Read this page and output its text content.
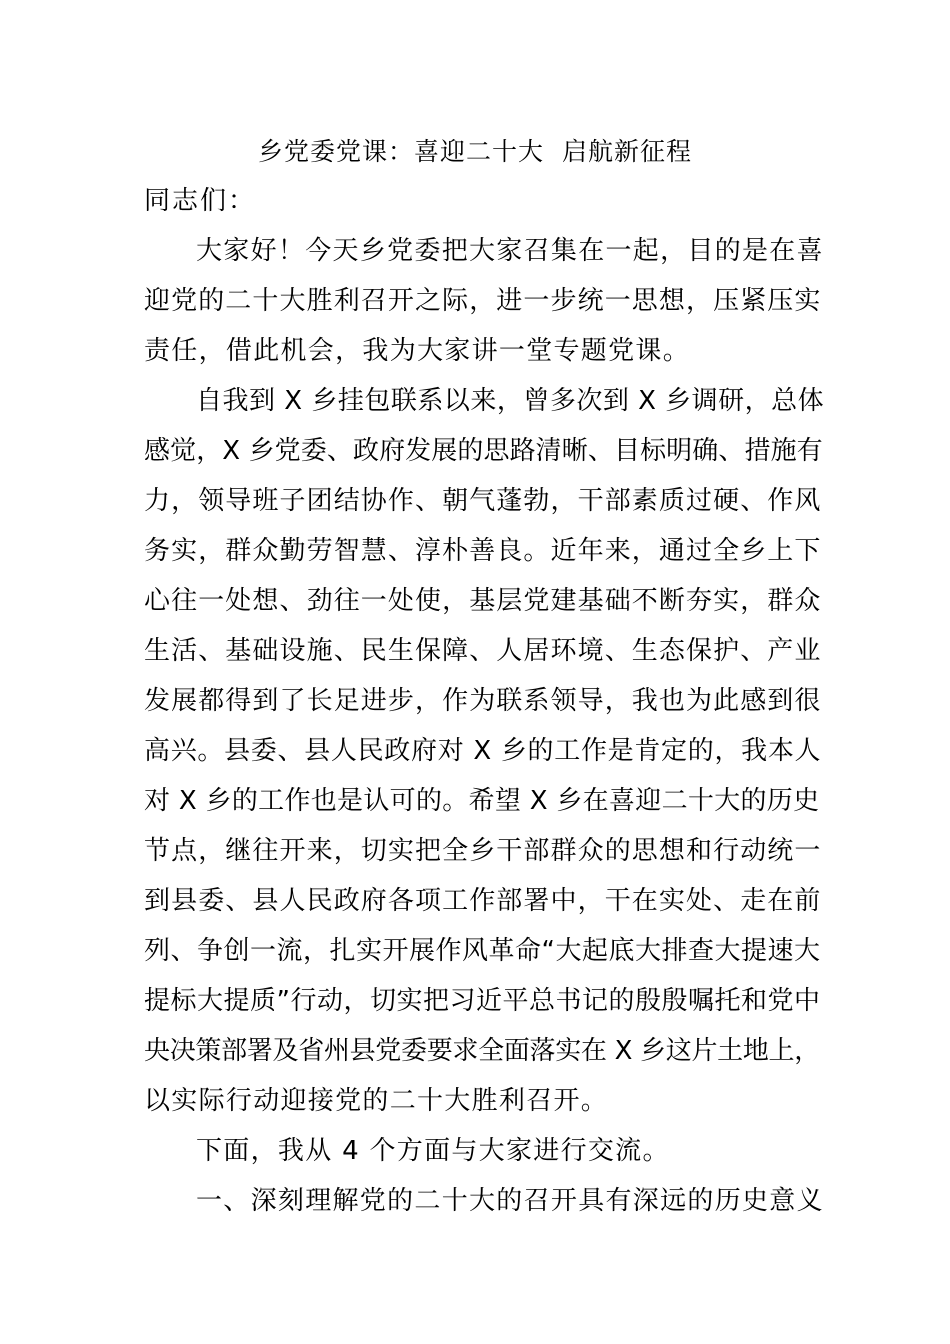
乡党委党课：喜迎二十大  启航新征程
同志们：
大家好！今天乡党委把大家召集在一起，目的是在喜
迎党的二十大胜利召开之际，进一步统一思想，压紧压实
责任，借此机会，我为大家讲一堂专题党课。
自我到 X 乡挂包联系以来，曾多次到 X 乡调研，总体
感觉，X 乡党委、政府发展的思路清晰、目标明确、措施有
力，领导班子团结协作、朝气蓬勃，干部素质过硬、作风
务实，群众勤劳智慧、淳朴善良。近年来，通过全乡上下
心往一处想、劲往一处使，基层党建基础不断夯实，群众
生活、基础设施、民生保障、人居环境、生态保护、产业
发展都得到了长足进步，作为联系领导，我也为此感到很
高兴。县委、县人民政府对 X 乡的工作是肯定的，我本人
对 X 乡的工作也是认可的。希望 X 乡在喜迎二十大的历史
节点，继往开来，切实把全乡干部群众的思想和行动统一
到县委、县人民政府各项工作部署中，干在实处、走在前
列、争创一流，扎实开展作风革命“大起底大排查大提速大
提标大提质”行动，切实把习近平总书记的殷殷嘱托和党中
央决策部署及省州县党委要求全面落实在 X 乡这片土地上，
以实际行动迎接党的二十大胜利召开。
下面，我从 4 个方面与大家进行交流。
一、深刻理解党的二十大的召开具有深远的历史意义
